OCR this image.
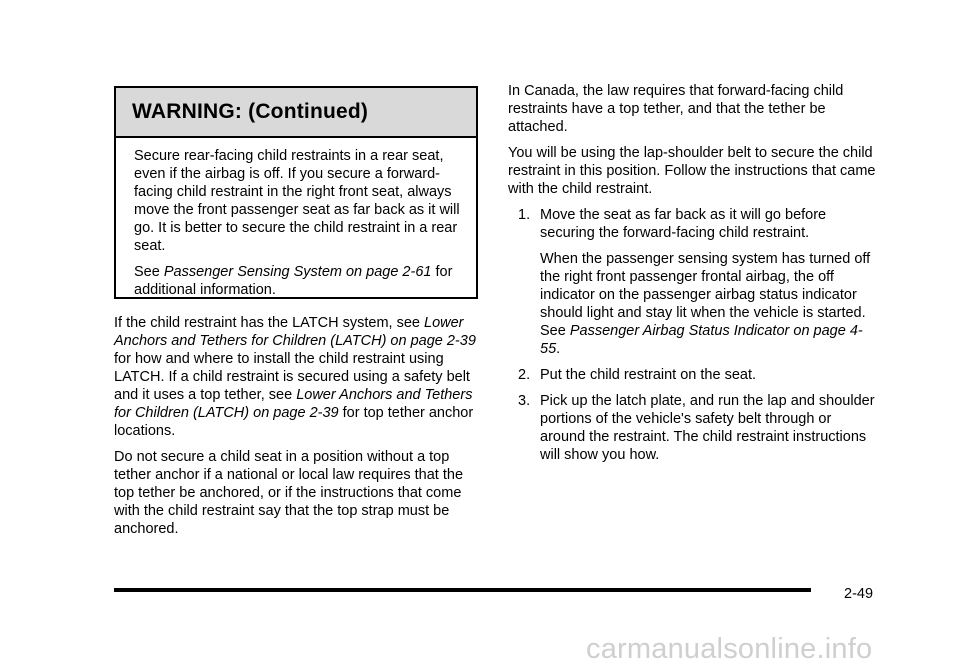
WARNING: (Continued)

Secure rear-facing child restraints in a rear seat, even if the airbag is off. If you secure a forward-facing child restraint in the right front seat, always move the front passenger seat as far back as it will go. It is better to secure the child restraint in a rear seat.

See Passenger Sensing System on page 2-61 for additional information.

If the child restraint has the LATCH system, see Lower Anchors and Tethers for Children (LATCH) on page 2-39 for how and where to install the child restraint using LATCH. If a child restraint is secured using a safety belt and it uses a top tether, see Lower Anchors and Tethers for Children (LATCH) on page 2-39 for top tether anchor locations.

Do not secure a child seat in a position without a top tether anchor if a national or local law requires that the top tether be anchored, or if the instructions that come with the child restraint say that the top strap must be anchored.

In Canada, the law requires that forward-facing child restraints have a top tether, and that the tether be attached.

You will be using the lap-shoulder belt to secure the child restraint in this position. Follow the instructions that came with the child restraint.

1. Move the seat as far back as it will go before securing the forward-facing child restraint.
When the passenger sensing system has turned off the right front passenger frontal airbag, the off indicator on the passenger airbag status indicator should light and stay lit when the vehicle is started. See Passenger Airbag Status Indicator on page 4-55.
2. Put the child restraint on the seat.
3. Pick up the latch plate, and run the lap and shoulder portions of the vehicle's safety belt through or around the restraint. The child restraint instructions will show you how.
2-49
carmanualsonline.info
